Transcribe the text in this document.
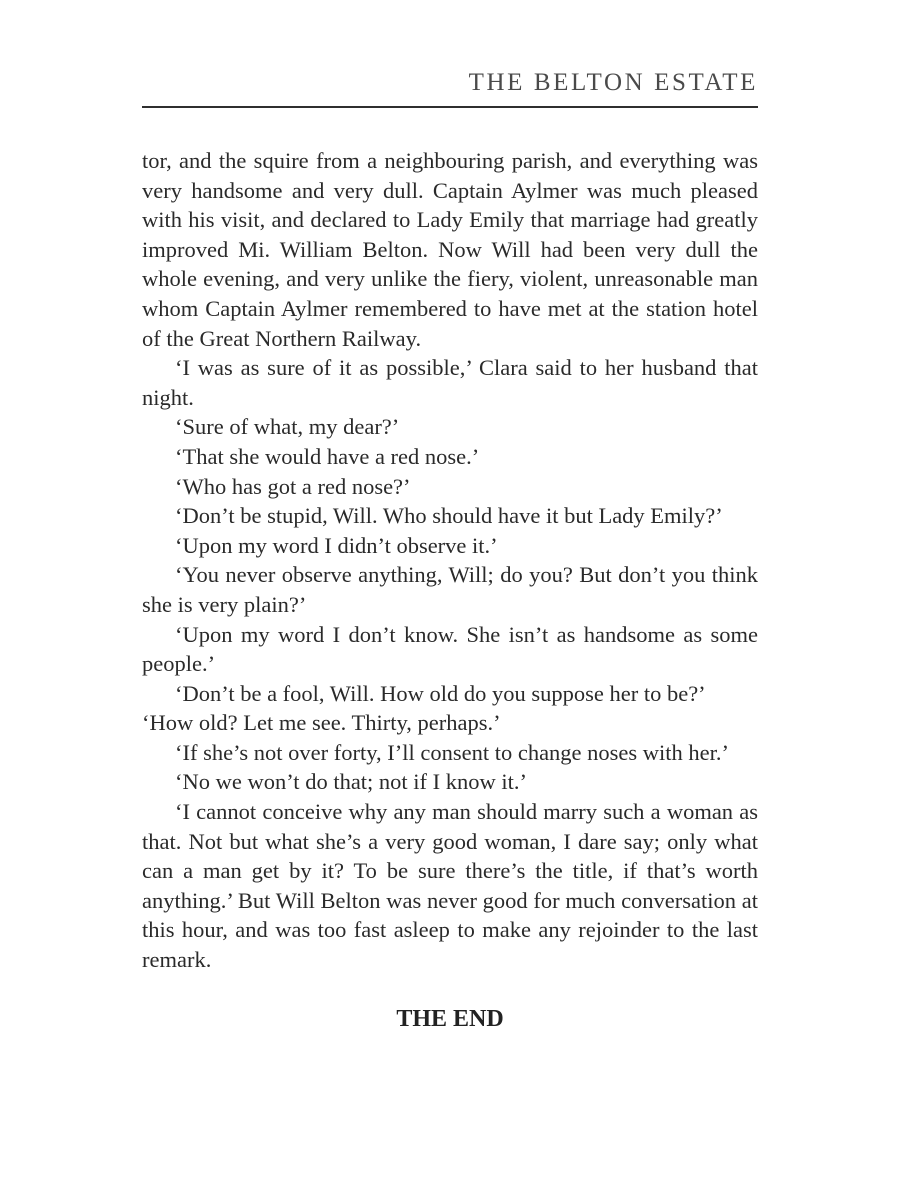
THE BELTON ESTATE

tor, and the squire from a neighbouring parish, and everything was very handsome and very dull. Captain Aylmer was much pleased with his visit, and declared to Lady Emily that marriage had greatly improved Mi. William Belton. Now Will had been very dull the whole evening, and very unlike the fiery, violent, unreasonable man whom Captain Aylmer remembered to have met at the station hotel of the Great Northern Railway.

‘I was as sure of it as possible,’ Clara said to her husband that night.

‘Sure of what, my dear?’

‘That she would have a red nose.’

‘Who has got a red nose?’

‘Don’t be stupid, Will. Who should have it but Lady Emily?’

‘Upon my word I didn’t observe it.’

‘You never observe anything, Will; do you? But don’t you think she is very plain?’

‘Upon my word I don’t know. She isn’t as handsome as some people.’

‘Don’t be a fool, Will. How old do you suppose her to be?’

‘How old? Let me see. Thirty, perhaps.’

‘If she’s not over forty, I’ll consent to change noses with her.’

‘No we won’t do that; not if I know it.’

‘I cannot conceive why any man should marry such a woman as that. Not but what she’s a very good woman, I dare say; only what can a man get by it? To be sure there’s the title, if that’s worth anything.’ But Will Belton was never good for much conversation at this hour, and was too fast asleep to make any rejoinder to the last remark.

THE END
